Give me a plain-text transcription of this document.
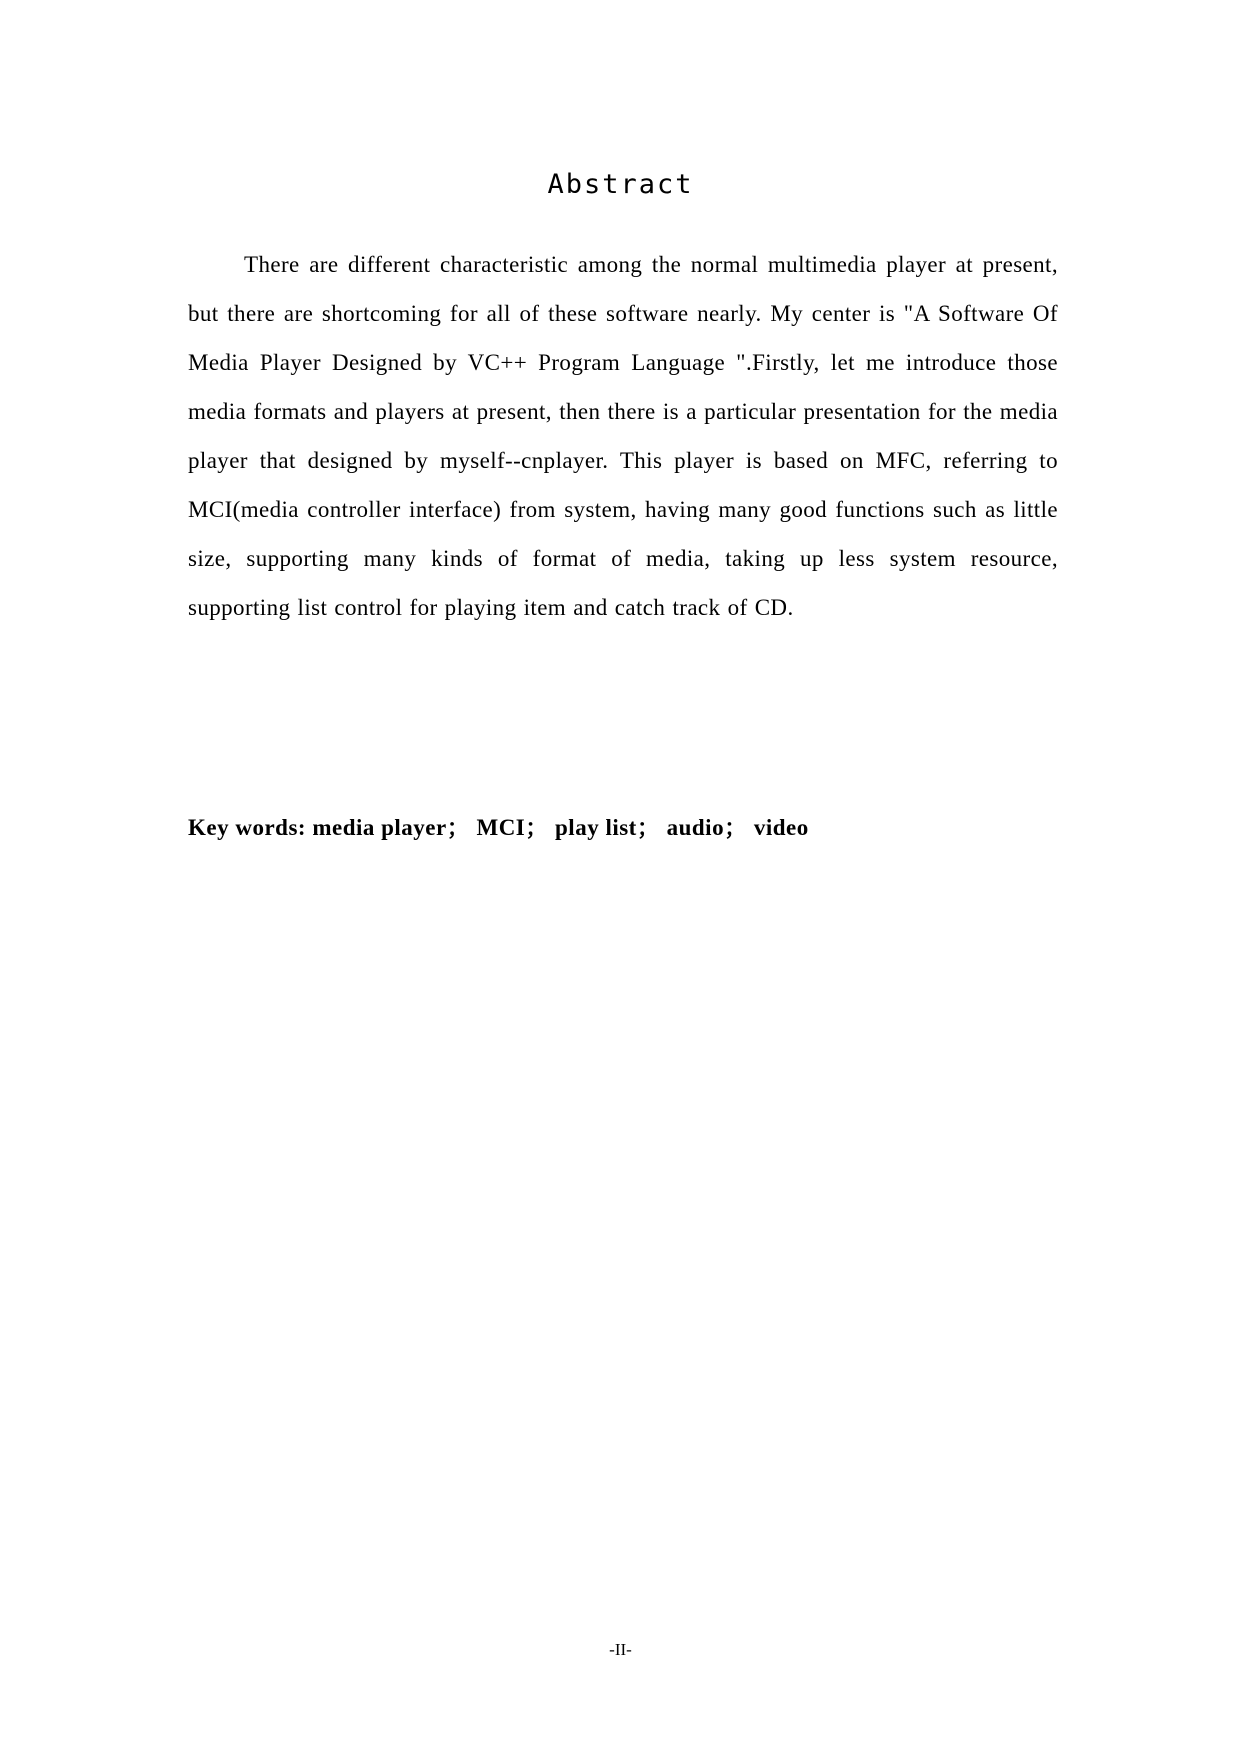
Abstract

There are different characteristic among the normal multimedia player at present, but there are shortcoming for all of these software nearly. My center is "A Software Of Media Player Designed by VC++ Program Language ".Firstly, let me introduce those media formats and players at present, then there is a particular presentation for the media player that designed by myself--cnplayer. This player is based on MFC, referring to MCI(media controller interface) from system, having many good functions such as little size, supporting many kinds of format of media, taking up less system resource, supporting list control for playing item and catch track of CD.

Key words: media player； MCI； play list； audio； video

-II-
